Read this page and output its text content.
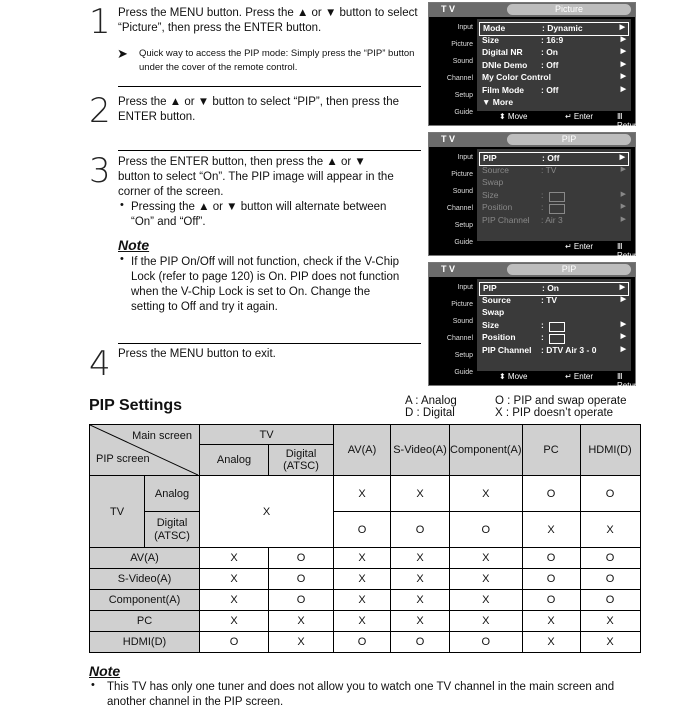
1 Press the MENU button. Press the ▲ or ▼ button to select “Picture”, then press the ENTER button.
➤ Quick way to access the PIP mode: Simply press the “PIP” button under the cover of the remote control.
2 Press the ▲ or ▼ button to select “PIP”, then press the ENTER button.
3 Press the ENTER button, then press the ▲ or ▼ button to select “On”. The PIP image will appear in the corner of the screen.
• Pressing the ▲ or ▼ button will alternate between “On” and “Off”.
Note
• If the PIP On/Off will not function, check if the V-Chip Lock (refer to page 120) is On. PIP does not function when the V-Chip Lock is set to On. Change the setting to Off and try it again.
4 Press the MENU button to exit.
T V	Picture
Input
Picture
Sound
Channel
Setup
Guide
Mode	: Dynamic	▶
Size	: 16:9	▶
Digital NR : On	▶
DNIe Demo : Off	▶
My Color Control	▶
Film Mode : Off	▶
▼ More
⬍ Move	↵ Enter	Ⅲ Return
T V	PIP
Input
Picture
Sound
Channel
Setup
Guide
PIP	: Off	▶
Source	: TV	▶
Swap
Size	:	▶
Position	:	▶
PIP Channel : Air 3	▶
↵ Enter	Ⅲ Return
T V	PIP
Input
Picture
Sound
Channel
Setup
Guide
PIP	: On	▶
Source	: TV	▶
Swap
Size	:	▶
Position	:	▶
PIP Channel : DTV Air 3 - 0	▶
⬍ Move	↵ Enter	Ⅲ Return
PIP Settings	A : Analog
D : Digital
O : PIP and swap operate
X : PIP doesn’t operate
Main screen
PIP screen		TV		AV(A)	S-Video(A)	Component(A)	PC	HDMI(D)
		Analog	Digital (ATSC)					
TV	Analog	X		X	X	X	O	O
	Digital (ATSC)			O	O	O	X	X
AV(A)		X	O	X	X	X	O	O
S-Video(A)		X	O	X	X	X	O	O
Component(A)		X	O	X	X	X	O	O
PC		X	X	X	X	X	X	X
HDMI(D)		O	X	O	O	O	X	X
Note
• This TV has only one tuner and does not allow you to watch one TV channel in the main screen and another channel in the PIP screen.
